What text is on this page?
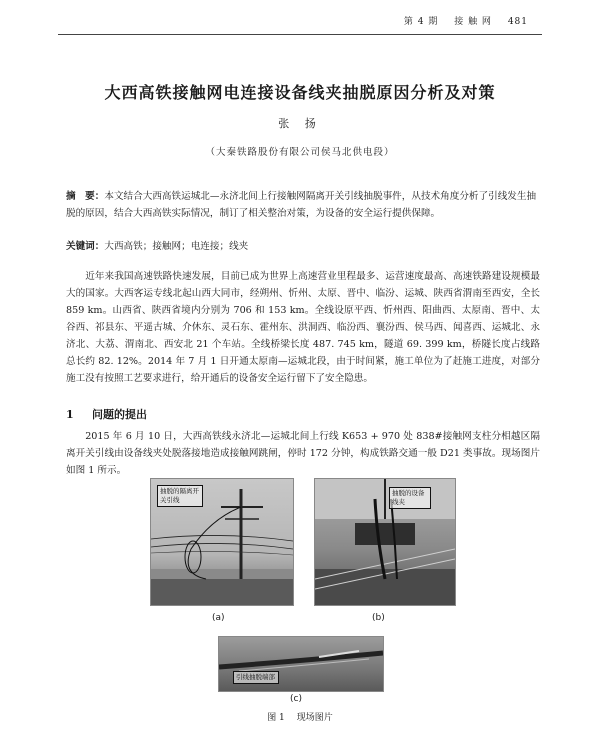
第 4 期 接 触 网 481
大西高铁接触网电连接设备线夹抽脱原因分析及对策
张 扬
（大秦铁路股份有限公司侯马北供电段）
摘　要：本文结合大西高铁运城北—永济北间上行接触网隔离开关引线抽脱事件，从技术角度分析了引线发生抽脱的原因，结合大西高铁实际情况，制订了相关整治对策，为设备的安全运行提供保障。
关键词：大西高铁；接触网；电连接；线夹
近年来我国高速铁路快速发展，目前已成为世界上高速营业里程最多、运营速度最高、高速铁路建设规模最大的国家。大西客运专线北起山西大同市，经朔州、忻州、太原、晋中、临汾、运城、陕西省渭南至西安，全长 859 km。山西省、陕西省境内分别为 706 和 153 km。全线设原平西、忻州西、阳曲西、太原南、晋中、太谷西、祁县东、平遥古城、介休东、灵石东、霍州东、洪洞西、临汾西、襄汾西、侯马西、闻喜西、运城北、永济北、大荔、渭南北、西安北 21 个车站。全线桥梁长度 487. 745 km，隧道 69. 399 km，桥隧长度占线路总长约 82. 12%。2014 年 7 月 1 日开通太原南—运城北段，由于时间紧，施工单位为了赶施工进度，对部分施工没有按照工艺要求进行，给开通后的设备安全运行留下了安全隐患。
1 问题的提出
2015 年 6 月 10 日，大西高铁线永济北—运城北间上行线 K653 + 970 处 838#接触网支柱分相越区隔离开关引线由设备线夹处脱落接地造成接触网跳闸，停时 172 分钟，构成铁路交通一般 D21 类事故。现场图片如图 1 所示。
抽脱的隔离开关引线
抽脱的设备线夹
(a)	(b)
引线抽脱端部
(c)
图 1 现场图片
